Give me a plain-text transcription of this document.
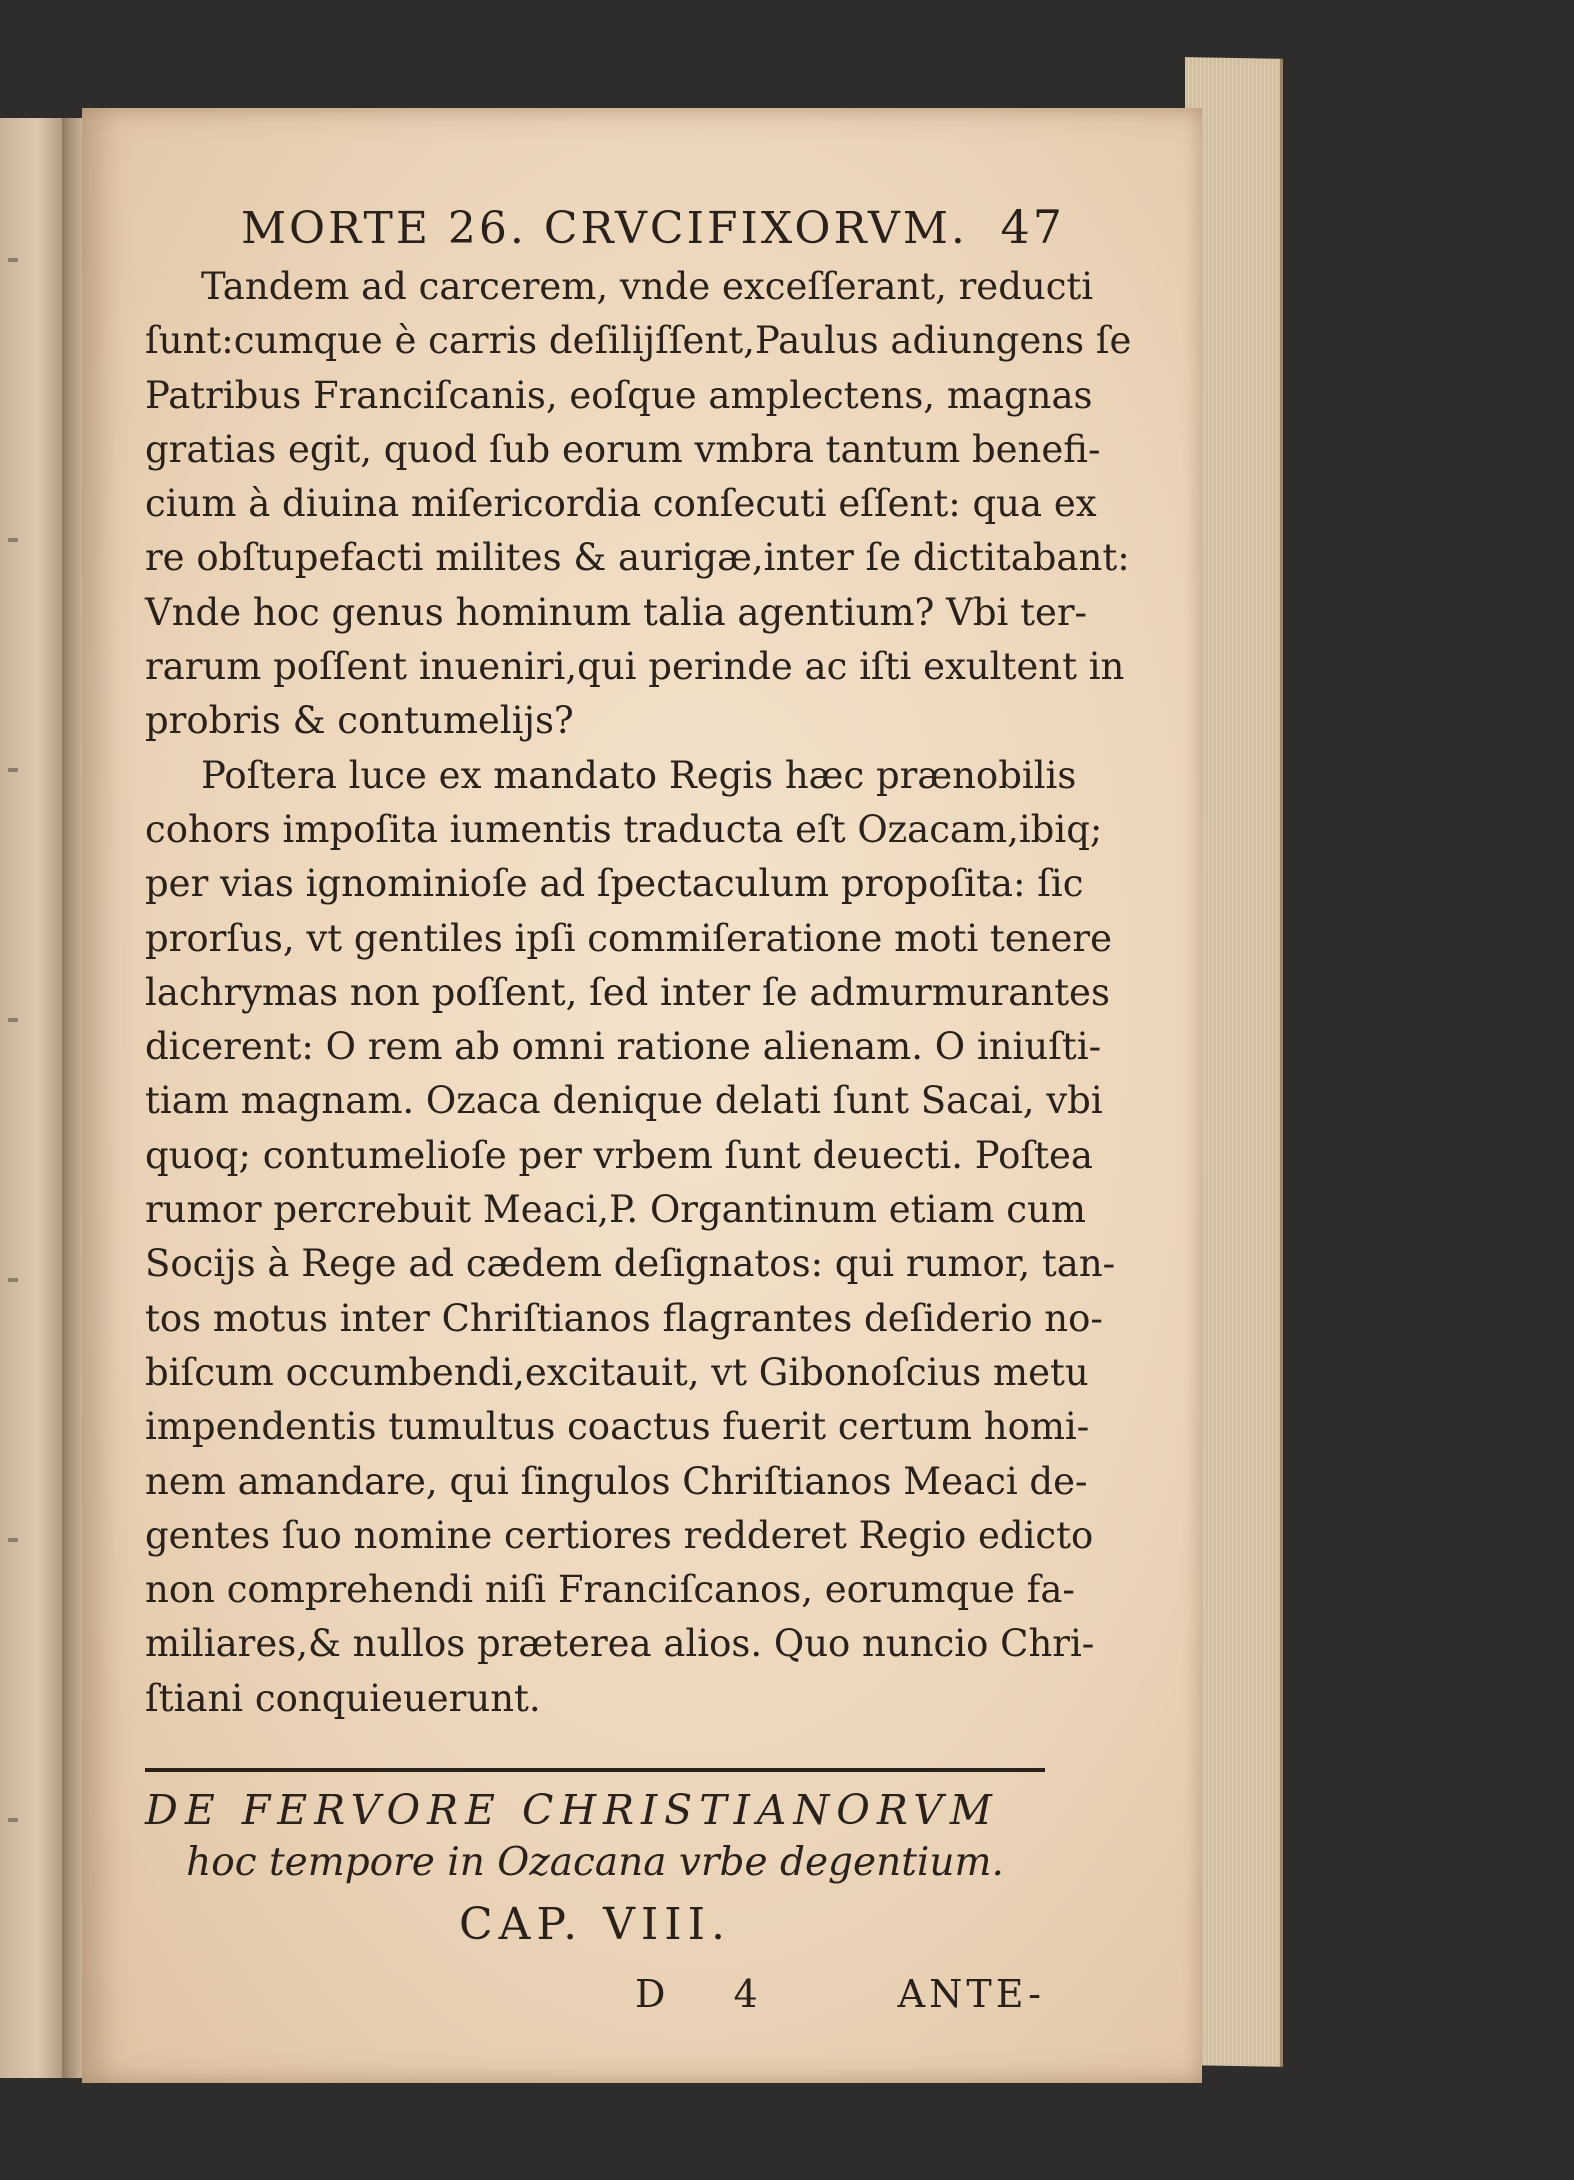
MORTE 26. CRVCIFIXORVM. 47
Tandem ad carcerem, vnde exceſſerant, reducti
ſunt:cumque è carris deſilijſſent,Paulus adiungens ſe
Patribus Franciſcanis, eoſque amplectens, magnas
gratias egit, quod ſub eorum vmbra tantum benefi-
cium à diuina miſericordia conſecuti eſſent: qua ex
re obſtupefacti milites & aurigæ,inter ſe dictitabant:
Vnde hoc genus hominum talia agentium? Vbi ter-
rarum poſſent inueniri,qui perinde ac iſti exultent in
probris & contumelijs?
Poſtera luce ex mandato Regis hæc prænobilis
cohors impoſita iumentis traducta eſt Ozacam,ibiq;
per vias ignominioſe ad ſpectaculum propoſita: ſic
prorſus, vt gentiles ipſi commiſeratione moti tenere
lachrymas non poſſent, ſed inter ſe admurmurantes
dicerent: O rem ab omni ratione alienam. O iniuſti-
tiam magnam. Ozaca denique delati ſunt Sacai, vbi
quoq; contumelioſe per vrbem ſunt deuecti. Poſtea
rumor percrebuit Meaci,P. Organtinum etiam cum
Socijs à Rege ad cædem deſignatos: qui rumor, tan-
tos motus inter Chriſtianos flagrantes deſiderio no-
biſcum occumbendi,excitauit, vt Gibonoſcius metu
impendentis tumultus coactus fuerit certum homi-
nem amandare, qui ſingulos Chriſtianos Meaci de-
gentes ſuo nomine certiores redderet Regio edicto
non comprehendi niſi Franciſcanos, eorumque fa-
miliares,& nullos præterea alios. Quo nuncio Chri-
ſtiani conquieuerunt.
DE FERVORE CHRISTIANORVM
hoc tempore in Ozacana vrbe degentium.
CAP. VIII.
D 4	ANTE-
